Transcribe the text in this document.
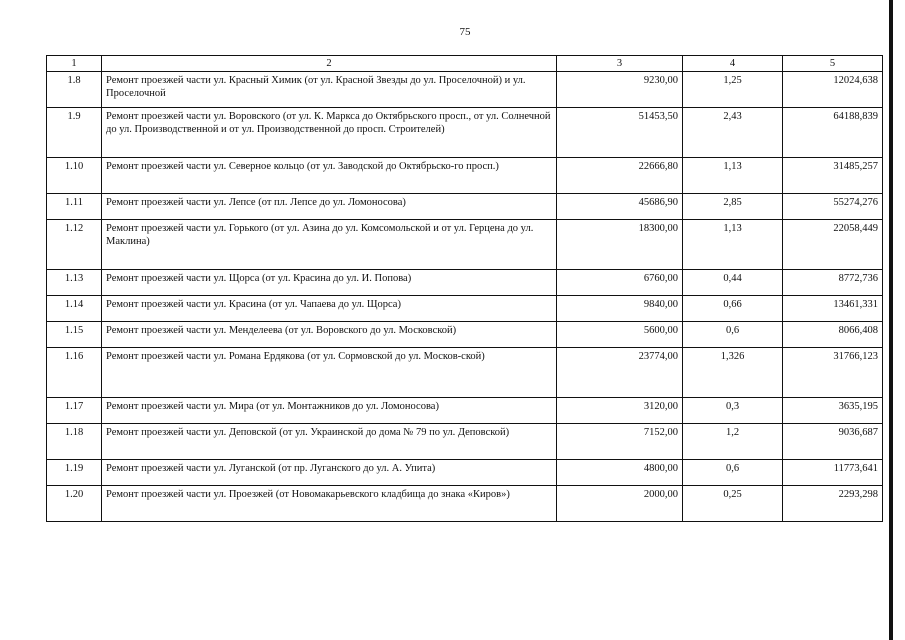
75
1	2	3	4	5
1.8	Ремонт проезжей части ул. Красный Химик (от ул. Красной Звезды до ул. Проселочной) и ул. Проселочной	9230,00	1,25	12024,638
1.9	Ремонт проезжей части ул. Воровского (от ул. К. Маркса до Октябрьского просп., от ул. Солнечной до ул. Производственной и от ул. Производственной до просп. Строителей)	51453,50	2,43	64188,839
1.10	Ремонт проезжей части ул. Северное кольцо (от ул. Заводской до Октябрьско-го просп.)	22666,80	1,13	31485,257
1.11	Ремонт проезжей части ул. Лепсе (от пл. Лепсе до ул. Ломоносова)	45686,90	2,85	55274,276
1.12	Ремонт проезжей части ул. Горького (от ул. Азина до ул. Комсомольской и от ул. Герцена до ул. Маклина)	18300,00	1,13	22058,449
1.13	Ремонт проезжей части ул. Щорса (от ул. Красина до ул. И. Попова)	6760,00	0,44	8772,736
1.14	Ремонт проезжей части ул. Красина (от ул. Чапаева до ул. Щорса)	9840,00	0,66	13461,331
1.15	Ремонт проезжей части ул. Менделеева (от ул. Воровского до ул. Московской)	5600,00	0,6	8066,408
1.16	Ремонт проезжей части ул. Романа Ердякова (от ул. Сормовской до ул. Москов-ской)	23774,00	1,326	31766,123
1.17	Ремонт проезжей части ул. Мира (от ул. Монтажников до ул. Ломоносова)	3120,00	0,3	3635,195
1.18	Ремонт проезжей части ул. Деповской (от ул. Украинской до дома № 79 по ул. Деповской)	7152,00	1,2	9036,687
1.19	Ремонт проезжей части ул. Луганской (от пр. Луганского до ул. А. Упита)	4800,00	0,6	11773,641
1.20	Ремонт проезжей части ул. Проезжей (от Новомакарьевского кладбища до знака «Киров»)	2000,00	0,25	2293,298
